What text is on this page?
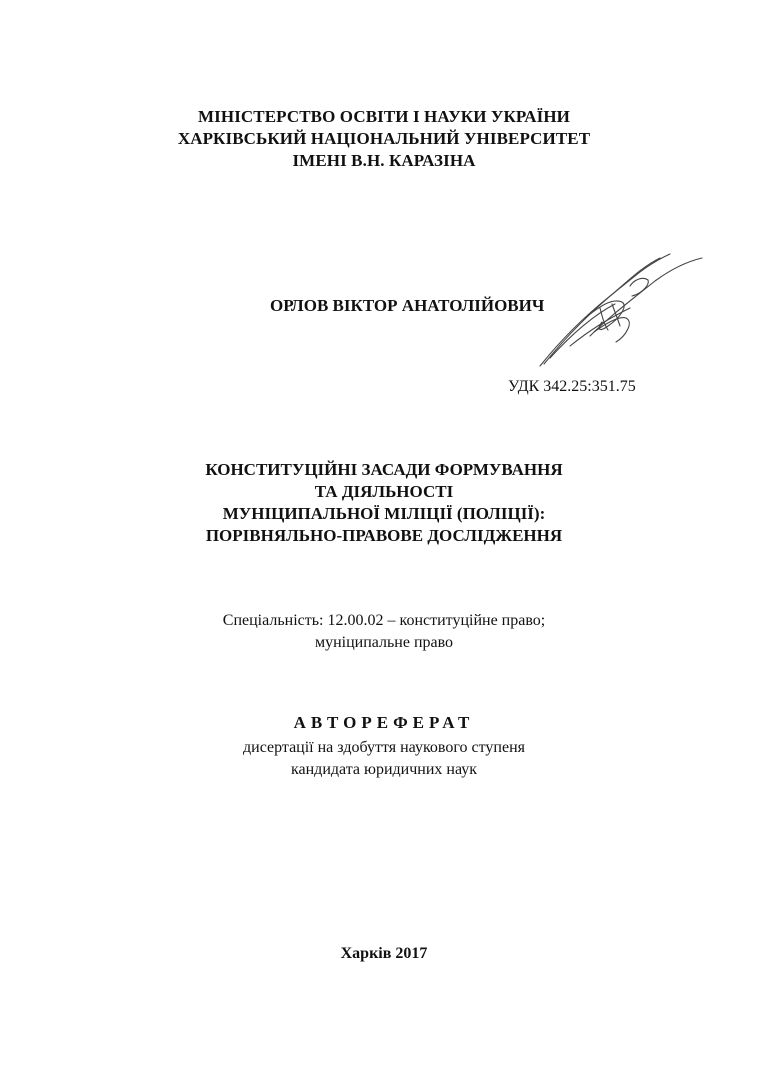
МІНІСТЕРСТВО ОСВІТИ І НАУКИ УКРАЇНИ
ХАРКІВСЬКИЙ НАЦІОНАЛЬНИЙ УНІВЕРСИТЕТ
ІМЕНІ В.Н. КАРАЗІНА
ОРЛОВ ВІКТОР АНАТОЛІЙОВИЧ
УДК 342.25:351.75
КОНСТИТУЦІЙНІ ЗАСАДИ ФОРМУВАННЯ
ТА ДІЯЛЬНОСТІ
МУНІЦИПАЛЬНОЇ МІЛІЦІЇ (ПОЛІЦІЇ):
ПОРІВНЯЛЬНО-ПРАВОВЕ ДОСЛІДЖЕННЯ
Спеціальність: 12.00.02 – конституційне право;
муніципальне право
АВТОРЕФЕРАТ
дисертації на здобуття наукового ступеня
кандидата юридичних наук
Харків 2017
